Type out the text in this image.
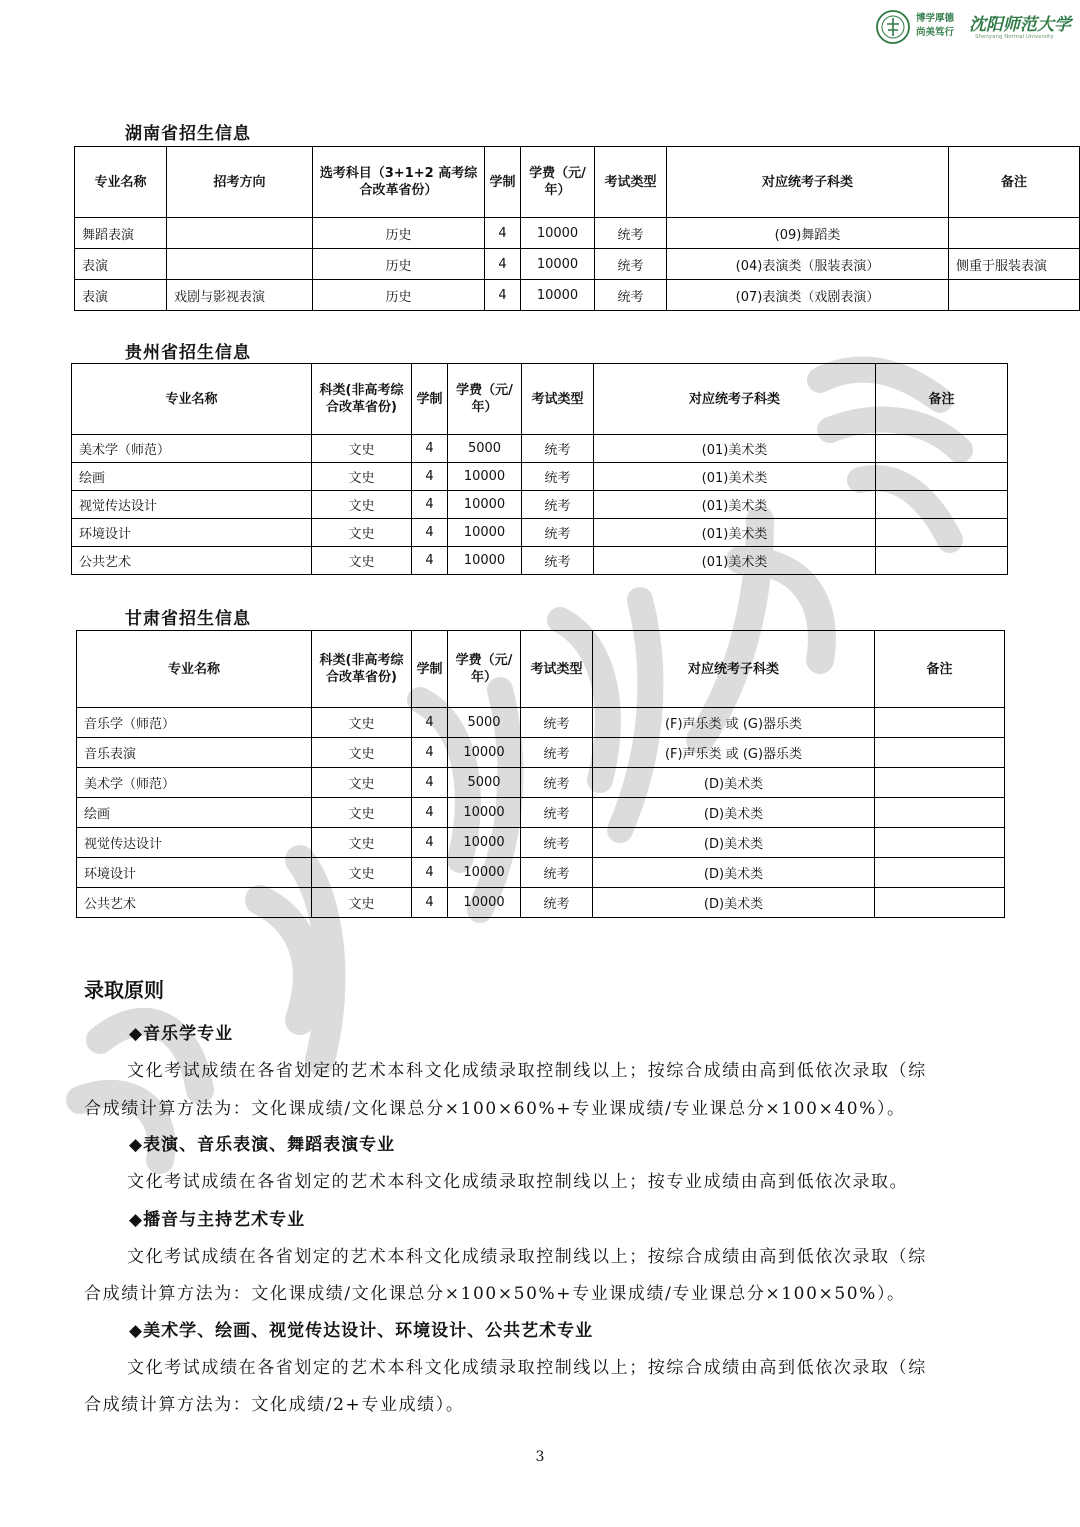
博学厚德
尚美笃行 沈阳师范大学
Shenyang Normal University
湖南省招生信息
专业名称	招考方向	选考科目（3+1+2 高考综合改革省份）	学制	学费（元/年）	考试类型	对应统考子科类	备注
舞蹈表演		历史	4	10000	统考	(09)舞蹈类	
表演		历史	4	10000	统考	(04)表演类（服装表演）	侧重于服装表演
表演	戏剧与影视表演	历史	4	10000	统考	(07)表演类（戏剧表演）	
贵州省招生信息
专业名称	科类(非高考综合改革省份)	学制	学费（元/年）	考试类型	对应统考子科类	备注
美术学（师范）	文史	4	5000	统考	(01)美术类	
绘画	文史	4	10000	统考	(01)美术类	
视觉传达设计	文史	4	10000	统考	(01)美术类	
环境设计	文史	4	10000	统考	(01)美术类	
公共艺术	文史	4	10000	统考	(01)美术类	
甘肃省招生信息
专业名称	科类(非高考综合改革省份)	学制	学费（元/年）	考试类型	对应统考子科类	备注
音乐学（师范）	文史	4	5000	统考	(F)声乐类 或 (G)器乐类	
音乐表演	文史	4	10000	统考	(F)声乐类 或 (G)器乐类	
美术学（师范）	文史	4	5000	统考	(D)美术类	
绘画	文史	4	10000	统考	(D)美术类	
视觉传达设计	文史	4	10000	统考	(D)美术类	
环境设计	文史	4	10000	统考	(D)美术类	
公共艺术	文史	4	10000	统考	(D)美术类	
录取原则
◆音乐学专业
文化考试成绩在各省划定的艺术本科文化成绩录取控制线以上；按综合成绩由高到低依次录取（综
合成绩计算方法为：文化课成绩/文化课总分×100×60%+专业课成绩/专业课总分×100×40%）。
◆表演、音乐表演、舞蹈表演专业
文化考试成绩在各省划定的艺术本科文化成绩录取控制线以上；按专业成绩由高到低依次录取。
◆播音与主持艺术专业
文化考试成绩在各省划定的艺术本科文化成绩录取控制线以上；按综合成绩由高到低依次录取（综
合成绩计算方法为：文化课成绩/文化课总分×100×50%+专业课成绩/专业课总分×100×50%）。
◆美术学、绘画、视觉传达设计、环境设计、公共艺术专业
文化考试成绩在各省划定的艺术本科文化成绩录取控制线以上；按综合成绩由高到低依次录取（综
合成绩计算方法为：文化成绩/2+专业成绩）。
3
